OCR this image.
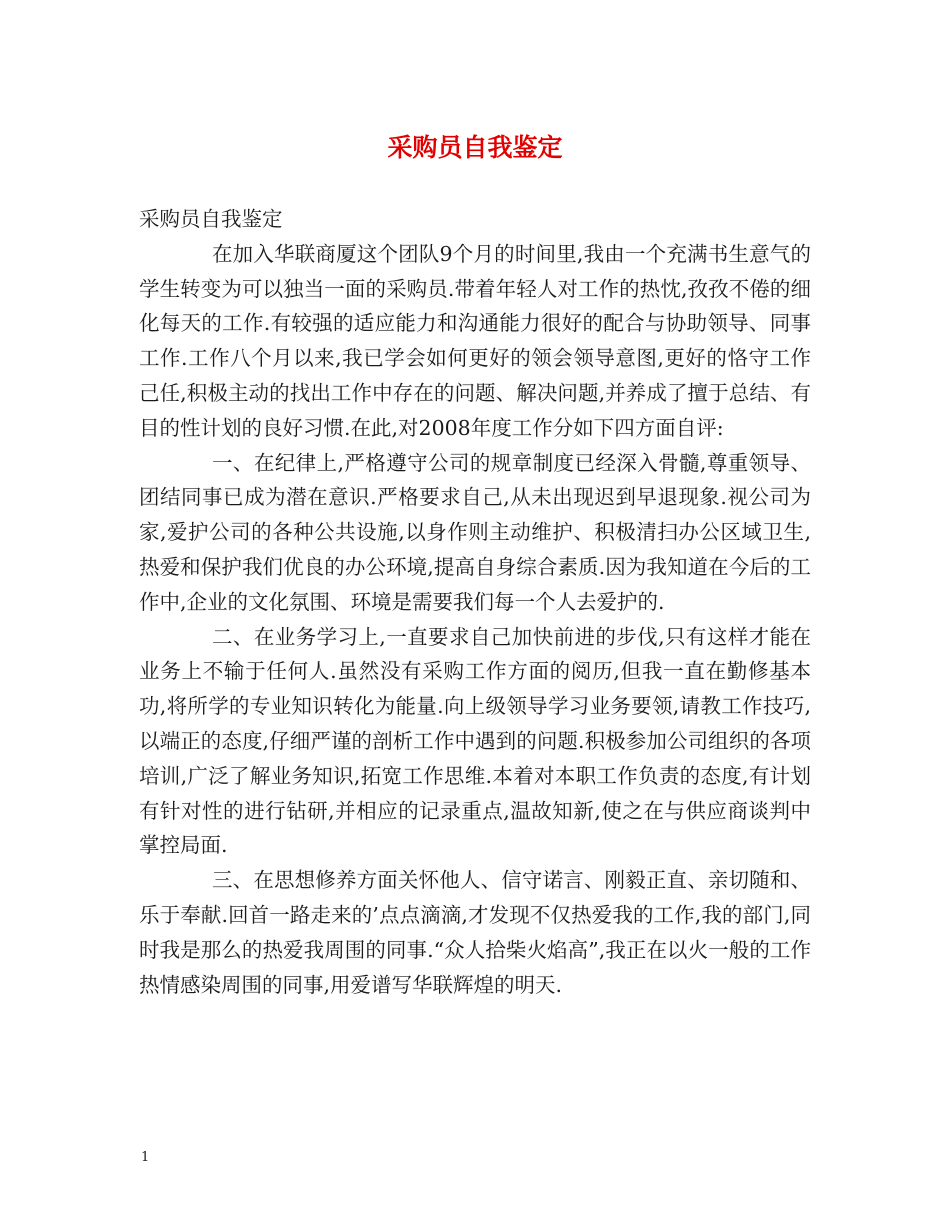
采购员自我鉴定

采购员自我鉴定

在加入华联商厦这个团队9个月的时间里,我由一个充满书生意气的学生转变为可以独当一面的采购员.带着年轻人对工作的热忱,孜孜不倦的细化每天的工作.有较强的适应能力和沟通能力很好的配合与协助领导、同事工作.工作八个月以来,我已学会如何更好的领会领导意图,更好的恪守工作己任,积极主动的找出工作中存在的问题、解决问题,并养成了擅于总结、有目的性计划的良好习惯.在此,对2008年度工作分如下四方面自评:

一、在纪律上,严格遵守公司的规章制度已经深入骨髓,尊重领导、团结同事已成为潜在意识.严格要求自己,从未出现迟到早退现象.视公司为家,爱护公司的各种公共设施,以身作则主动维护、积极清扫办公区域卫生,热爱和保护我们优良的办公环境,提高自身综合素质.因为我知道在今后的工作中,企业的文化氛围、环境是需要我们每一个人去爱护的.

二、在业务学习上,一直要求自己加快前进的步伐,只有这样才能在业务上不输于任何人.虽然没有采购工作方面的阅历,但我一直在勤修基本功,将所学的专业知识转化为能量.向上级领导学习业务要领,请教工作技巧,以端正的态度,仔细严谨的剖析工作中遇到的问题.积极参加公司组织的各项培训,广泛了解业务知识,拓宽工作思维.本着对本职工作负责的态度,有计划有针对性的进行钻研,并相应的记录重点,温故知新,使之在与供应商谈判中掌控局面.

三、在思想修养方面关怀他人、信守诺言、刚毅正直、亲切随和、乐于奉献.回首一路走来的’点点滴滴,才发现不仅热爱我的工作,我的部门,同时我是那么的热爱我周围的同事.“众人拾柴火焰高”,我正在以火一般的工作热情感染周围的同事,用爱谱写华联辉煌的明天.

1
